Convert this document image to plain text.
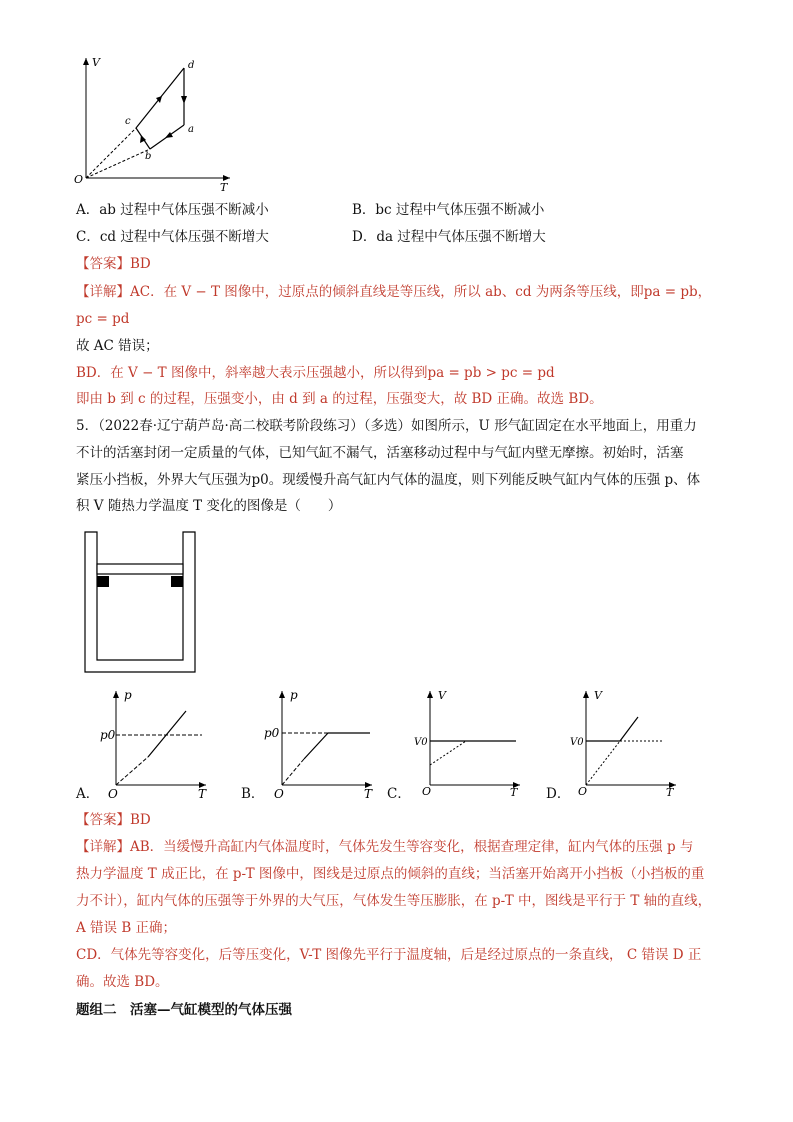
V
T
O
d
a
c
b
A．ab 过程中气体压强不断减小	B．bc 过程中气体压强不断减小
C．cd 过程中气体压强不断增大	D．da 过程中气体压强不断增大
【答案】BD
【详解】AC．在 V − T 图像中，过原点的倾斜直线是等压线，所以 ab、cd 为两条等压线，即pa = pb，
pc = pd
故 AC 错误；
BD．在 V − T 图像中，斜率越大表示压强越小，所以得到pa = pb > pc = pd
即由 b 到 c 的过程，压强变小，由 d 到 a 的过程，压强变大，故 BD 正确。故选 BD。
5．（2022春·辽宁葫芦岛·高二校联考阶段练习）（多选）如图所示，U 形气缸固定在水平地面上，用重力
不计的活塞封闭一定质量的气体，已知气缸不漏气，活塞移动过程中与气缸内壁无摩擦。初始时，活塞
紧压小挡板，外界大气压强为p0。现缓慢升高气缸内气体的温度，则下列能反映气缸内气体的压强 p、体
积 V 随热力学温度 T 变化的图像是（　　）
p
p0
O	T
A．
p
p0
O	T
B．
V
V0
O	T
C．
V
V0
O	T
D．
【答案】BD
【详解】AB．当缓慢升高缸内气体温度时，气体先发生等容变化，根据查理定律，缸内气体的压强 p 与
热力学温度 T 成正比，在 p-T 图像中，图线是过原点的倾斜的直线；当活塞开始离开小挡板（小挡板的重
力不计），缸内气体的压强等于外界的大气压，气体发生等压膨胀，在 p-T 中，图线是平行于 T 轴的直线，
A 错误 B 正确；
CD．气体先等容变化，后等压变化，V-T 图像先平行于温度轴，后是经过原点的一条直线， C 错误 D 正
确。故选 BD。
题组二　活塞—气缸模型的气体压强
